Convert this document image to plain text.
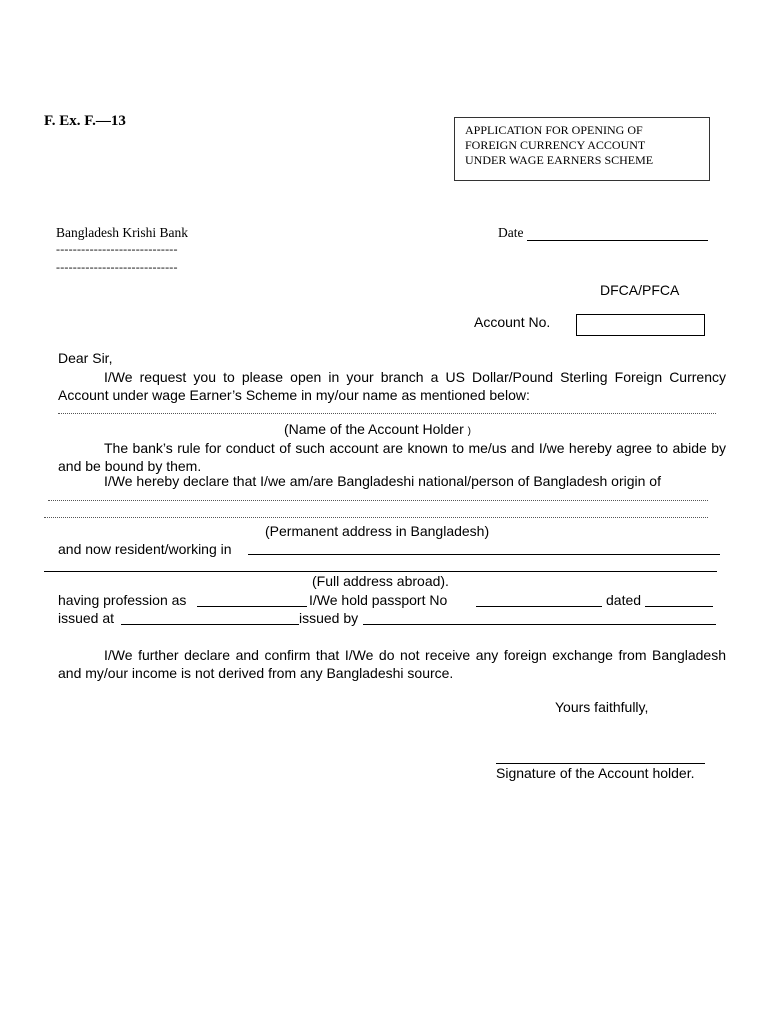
F. Ex. F.—13
APPLICATION FOR OPENING OF
FOREIGN CURRENCY ACCOUNT
UNDER WAGE EARNERS SCHEME
Bangladesh Krishi Bank
-----------------------------
-----------------------------
Date
DFCA/PFCA
Account No.
Dear Sir,
I/We request you to please open in your branch a US Dollar/Pound Sterling Foreign Currency Account under wage Earner’s Scheme in my/our name as mentioned below:
(Name of the Account Holder )
The bank’s rule for conduct of such account are known to me/us and I/we hereby agree to abide by and be bound by them.
I/We hereby declare that I/we am/are Bangladeshi national/person of Bangladesh origin of
(Permanent address in Bangladesh)
and now resident/working in
(Full address abroad).
having profession as	I/We hold passport No	dated
issued at	issued by
I/We further declare and confirm that I/We do not receive any foreign exchange from Bangladesh and my/our income is not derived from any Bangladeshi source.
Yours faithfully,
Signature of the Account holder.
